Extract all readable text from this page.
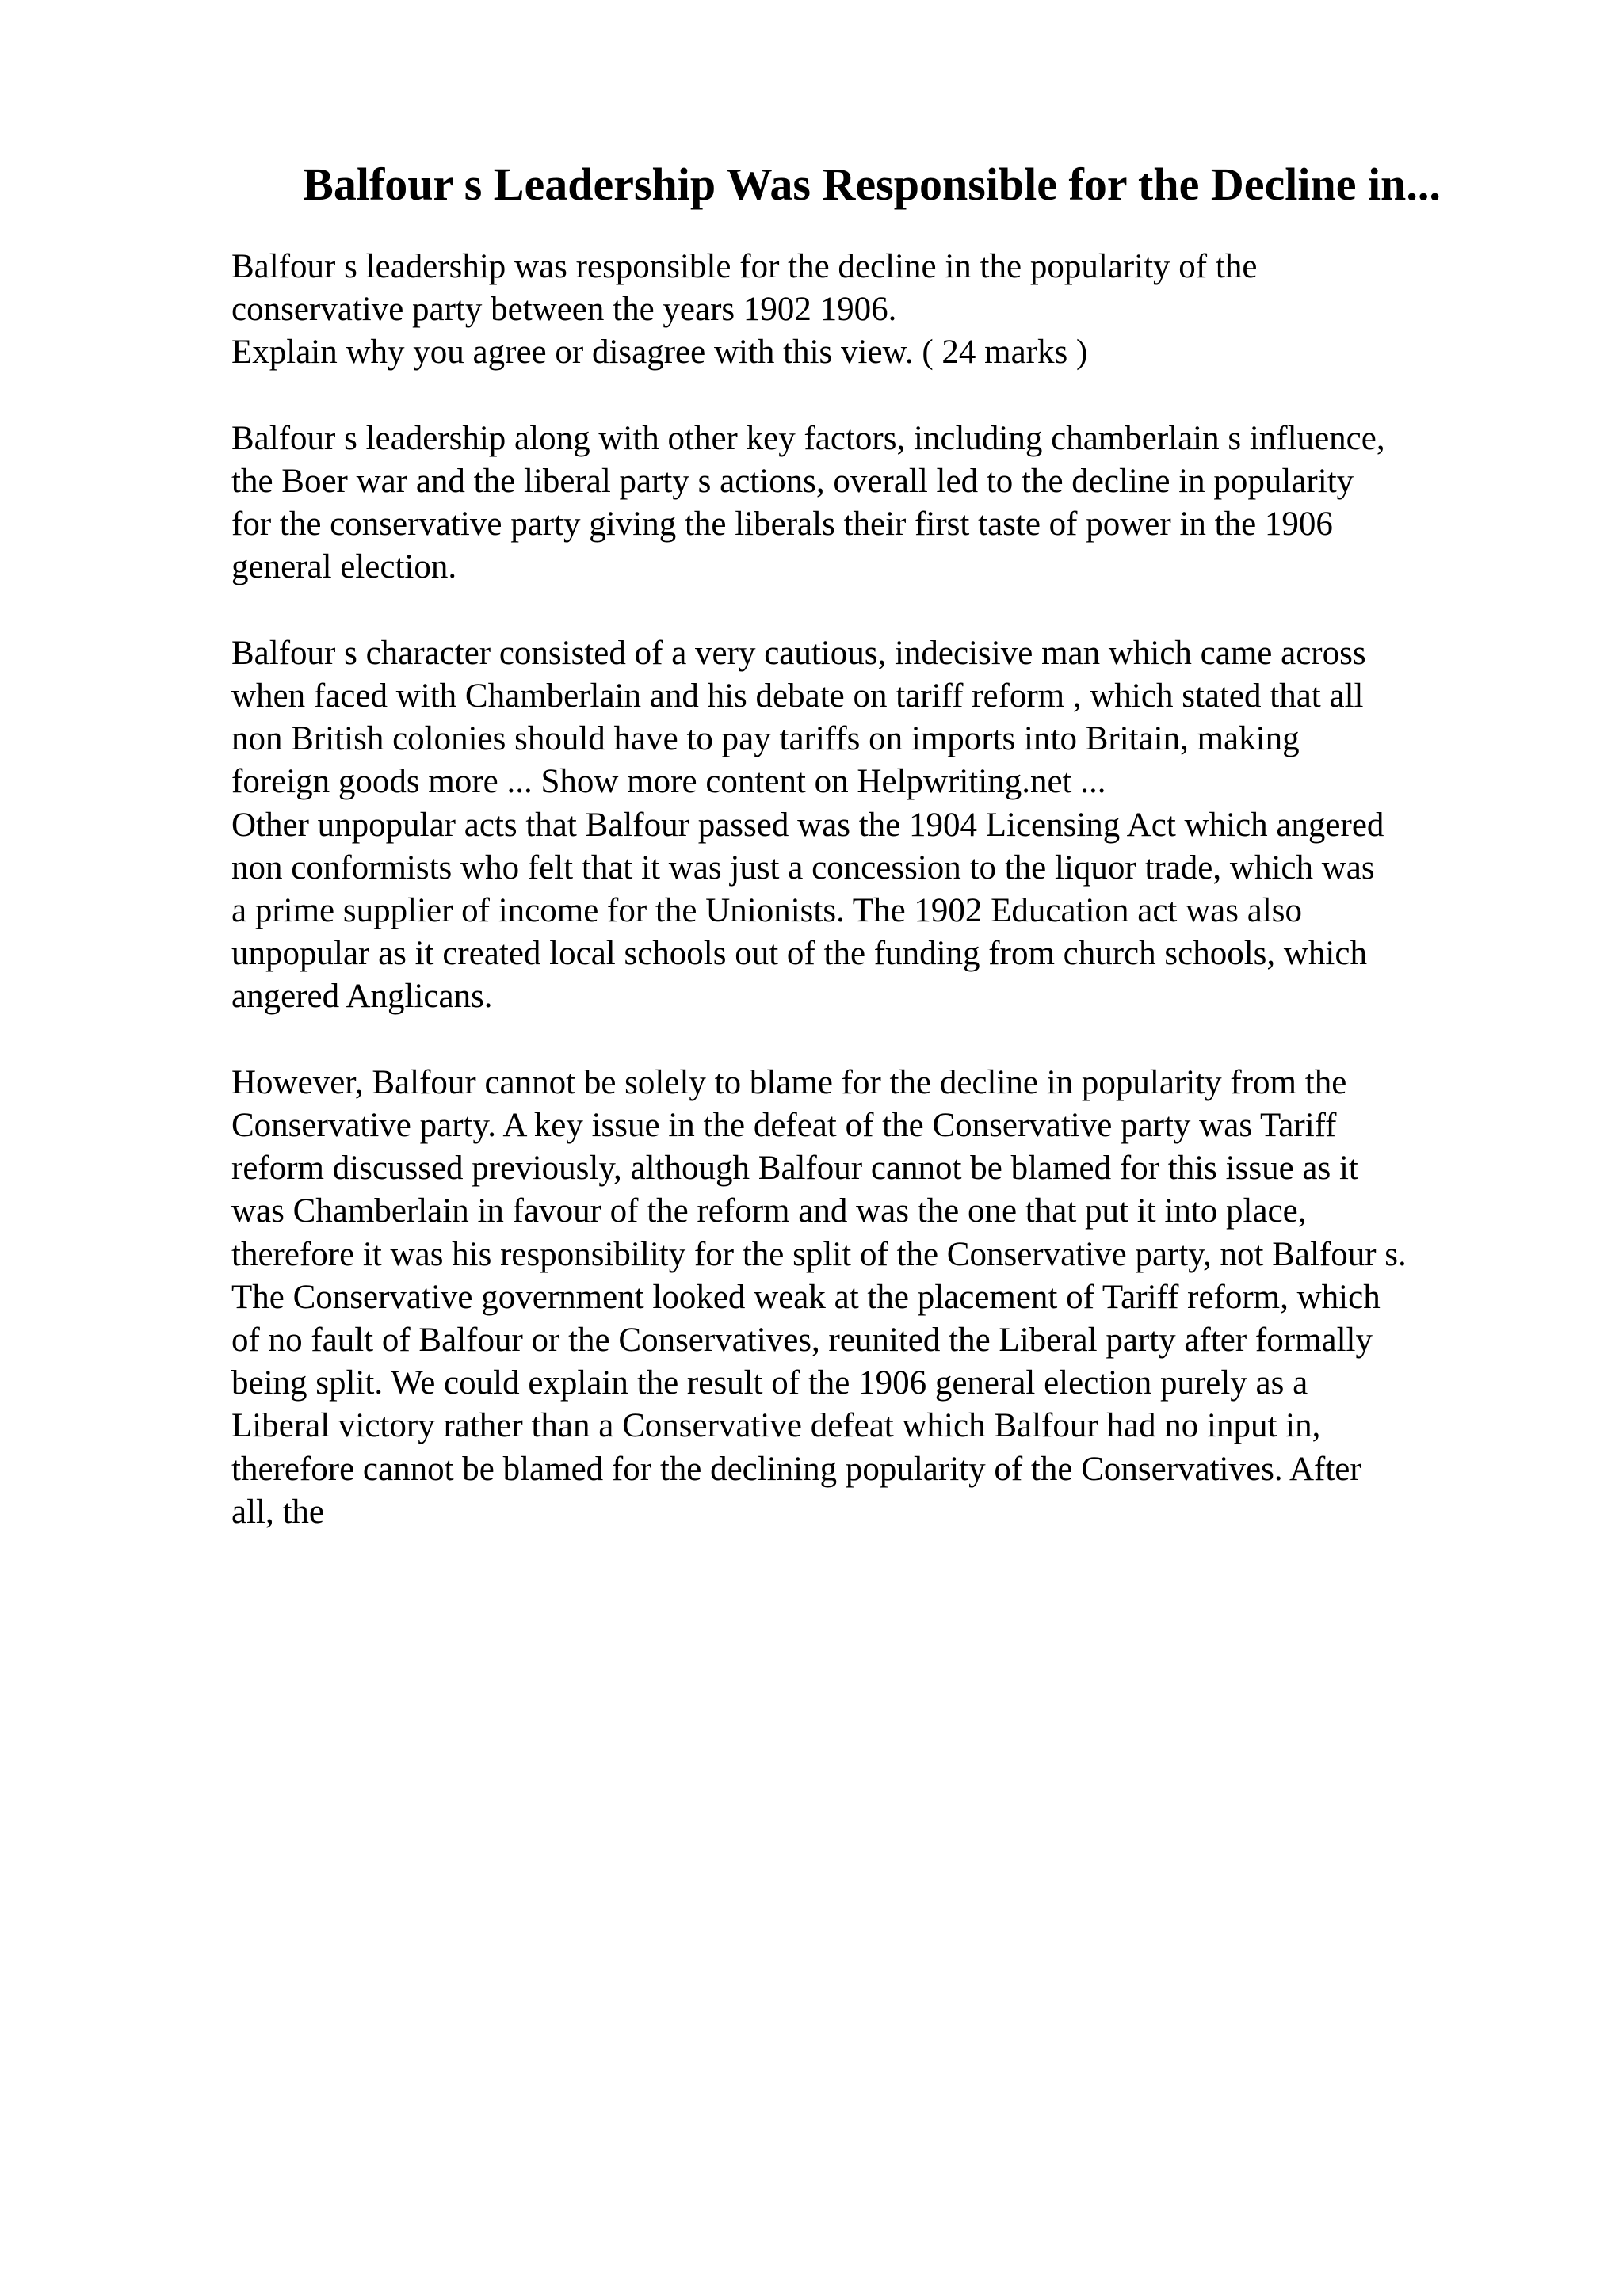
Balfour s Leadership Was Responsible for the Decline in...

Balfour s leadership was responsible for the decline in the popularity of the
conservative party between the years 1902 1906.
Explain why you agree or disagree with this view. ( 24 marks )

Balfour s leadership along with other key factors, including chamberlain s influence,
the Boer war and the liberal party s actions, overall led to the decline in popularity
for the conservative party giving the liberals their first taste of power in the 1906
general election.

Balfour s character consisted of a very cautious, indecisive man which came across
when faced with Chamberlain and his debate on tariff reform , which stated that all
non British colonies should have to pay tariffs on imports into Britain, making
foreign goods more ... Show more content on Helpwriting.net ...
Other unpopular acts that Balfour passed was the 1904 Licensing Act which angered
non conformists who felt that it was just a concession to the liquor trade, which was
a prime supplier of income for the Unionists. The 1902 Education act was also
unpopular as it created local schools out of the funding from church schools, which
angered Anglicans.

However, Balfour cannot be solely to blame for the decline in popularity from the
Conservative party. A key issue in the defeat of the Conservative party was Tariff
reform discussed previously, although Balfour cannot be blamed for this issue as it
was Chamberlain in favour of the reform and was the one that put it into place,
therefore it was his responsibility for the split of the Conservative party, not Balfour s.
The Conservative government looked weak at the placement of Tariff reform, which
of no fault of Balfour or the Conservatives, reunited the Liberal party after formally
being split. We could explain the result of the 1906 general election purely as a
Liberal victory rather than a Conservative defeat which Balfour had no input in,
therefore cannot be blamed for the declining popularity of the Conservatives. After
all, the
